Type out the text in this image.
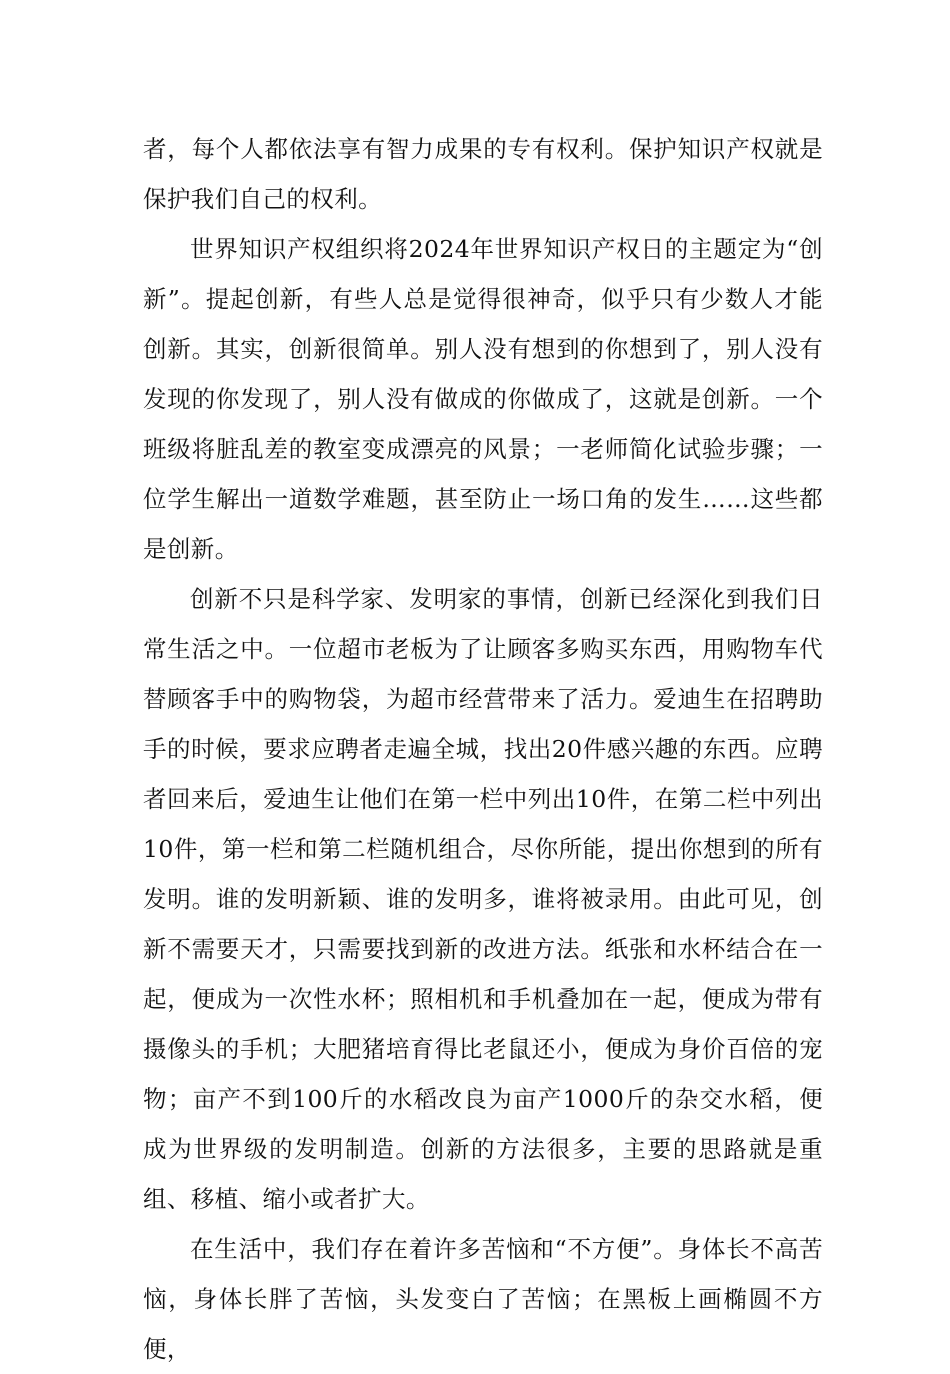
者，每个人都依法享有智力成果的专有权利。保护知识产权就是保护我们自己的权利。

世界知识产权组织将2024年世界知识产权日的主题定为“创新”。提起创新，有些人总是觉得很神奇，似乎只有少数人才能创新。其实，创新很简单。别人没有想到的你想到了，别人没有发现的你发现了，别人没有做成的你做成了，这就是创新。一个班级将脏乱差的教室变成漂亮的风景；一老师简化试验步骤；一位学生解出一道数学难题，甚至防止一场口角的发生……这些都是创新。

创新不只是科学家、发明家的事情，创新已经深化到我们日常生活之中。一位超市老板为了让顾客多购买东西，用购物车代替顾客手中的购物袋，为超市经营带来了活力。爱迪生在招聘助手的时候，要求应聘者走遍全城，找出20件感兴趣的东西。应聘者回来后，爱迪生让他们在第一栏中列出10件，在第二栏中列出10件，第一栏和第二栏随机组合，尽你所能，提出你想到的所有发明。谁的发明新颖、谁的发明多，谁将被录用。由此可见，创新不需要天才，只需要找到新的改进方法。纸张和水杯结合在一起，便成为一次性水杯；照相机和手机叠加在一起，便成为带有摄像头的手机；大肥猪培育得比老鼠还小，便成为身价百倍的宠物；亩产不到100斤的水稻改良为亩产1000斤的杂交水稻，便成为世界级的发明制造。创新的方法很多，主要的思路就是重组、移植、缩小或者扩大。

在生活中，我们存在着许多苦恼和“不方便”。身体长不高苦恼，身体长胖了苦恼，头发变白了苦恼；在黑板上画椭圆不方便，
